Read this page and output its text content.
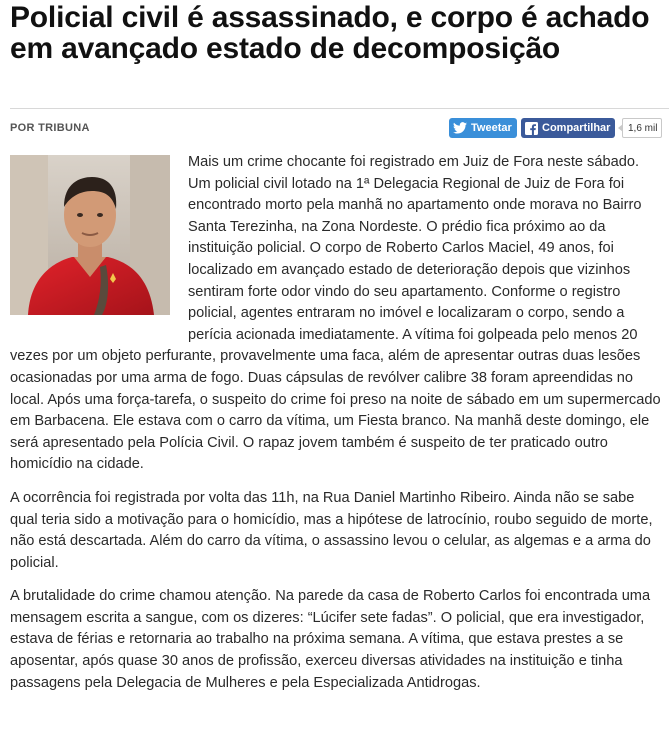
Policial civil é assassinado, e corpo é achado em avançado estado de decomposição
POR TRIBUNA	Tweetar	Compartilhar	1,6 mil

Mais um crime chocante foi registrado em Juiz de Fora neste sábado. Um policial civil lotado na 1ª Delegacia Regional de Juiz de Fora foi encontrado morto pela manhã no apartamento onde morava no Bairro Santa Terezinha, na Zona Nordeste. O prédio fica próximo ao da instituição policial. O corpo de Roberto Carlos Maciel, 49 anos, foi localizado em avançado estado de deterioração depois que vizinhos sentiram forte odor vindo do seu apartamento. Conforme o registro policial, agentes entraram no imóvel e localizaram o corpo, sendo a perícia acionada imediatamente. A vítima foi golpeada pelo menos 20 vezes por um objeto perfurante, provavelmente uma faca, além de apresentar outras duas lesões ocasionadas por uma arma de fogo. Duas cápsulas de revólver calibre 38 foram apreendidas no local. Após uma força-tarefa, o suspeito do crime foi preso na noite de sábado em um supermercado em Barbacena. Ele estava com o carro da vítima, um Fiesta branco. Na manhã deste domingo, ele será apresentado pela Polícia Civil. O rapaz jovem também é suspeito de ter praticado outro homicídio na cidade.

A ocorrência foi registrada por volta das 11h, na Rua Daniel Martinho Ribeiro. Ainda não se sabe qual teria sido a motivação para o homicídio, mas a hipótese de latrocínio, roubo seguido de morte, não está descartada. Além do carro da vítima, o assassino levou o celular, as algemas e a arma do policial.

A brutalidade do crime chamou atenção. Na parede da casa de Roberto Carlos foi encontrada uma mensagem escrita a sangue, com os dizeres: “Lúcifer sete fadas”. O policial, que era investigador, estava de férias e retornaria ao trabalho na próxima semana. A vítima, que estava prestes a se aposentar, após quase 30 anos de profissão, exerceu diversas atividades na instituição e tinha passagens pela Delegacia de Mulheres e pela Especializada Antidrogas.
